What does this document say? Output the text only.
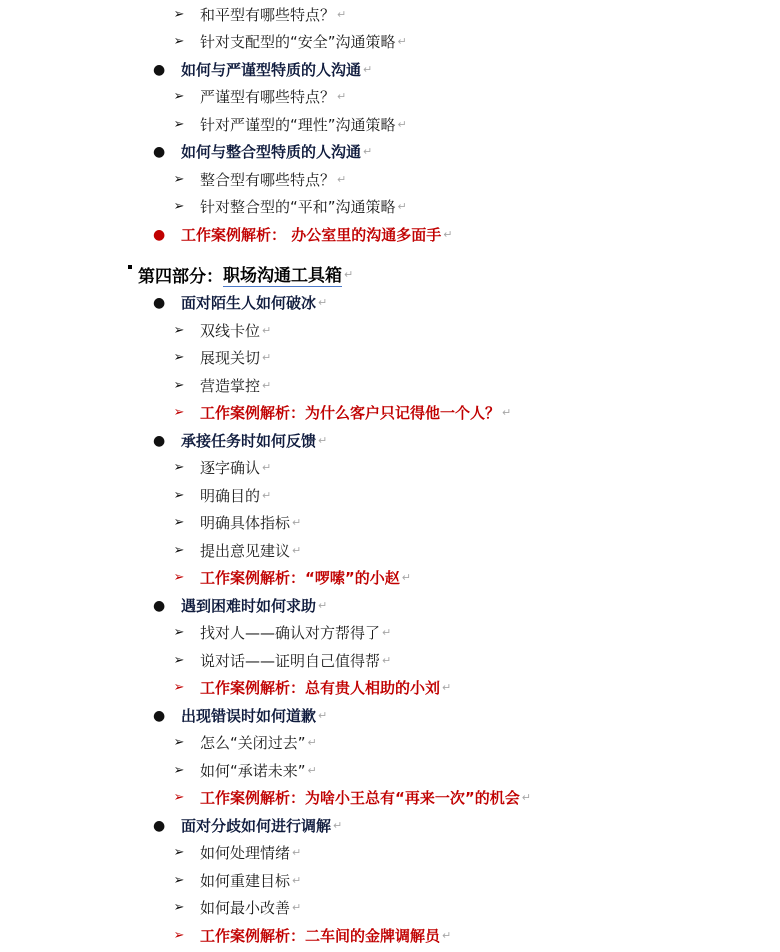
第四部分： 职场沟通工具箱 ↵
➢ 和平型有哪些特点？ ↵
➢ 针对支配型的“安全”沟通策略 ↵
● 如何与严谨型特质的人沟通 ↵
➢ 严谨型有哪些特点？ ↵
➢ 针对严谨型的“理性”沟通策略 ↵
● 如何与整合型特质的人沟通 ↵
➢ 整合型有哪些特点？ ↵
➢ 针对整合型的“平和”沟通策略 ↵
● 工作案例解析： 办公室里的沟通多面手 ↵
● 面对陌生人如何破冰 ↵
➢ 双线卡位 ↵
➢ 展现关切 ↵
➢ 营造掌控 ↵
➢ 工作案例解析：为什么客户只记得他一个人？ ↵
● 承接任务时如何反馈 ↵
➢ 逐字确认 ↵
➢ 明确目的 ↵
➢ 明确具体指标 ↵
➢ 提出意见建议 ↵
➢ 工作案例解析：“啰嗦”的小赵 ↵
● 遇到困难时如何求助 ↵
➢ 找对人——确认对方帮得了 ↵
➢ 说对话——证明自己值得帮 ↵
➢ 工作案例解析：总有贵人相助的小刘 ↵
● 出现错误时如何道歉 ↵
➢ 怎么“关闭过去” ↵
➢ 如何“承诺未来” ↵
➢ 工作案例解析：为啥小王总有“再来一次”的机会 ↵
● 面对分歧如何进行调解 ↵
➢ 如何处理情绪 ↵
➢ 如何重建目标 ↵
➢ 如何最小改善 ↵
➢ 工作案例解析：二车间的金牌调解员 ↵
